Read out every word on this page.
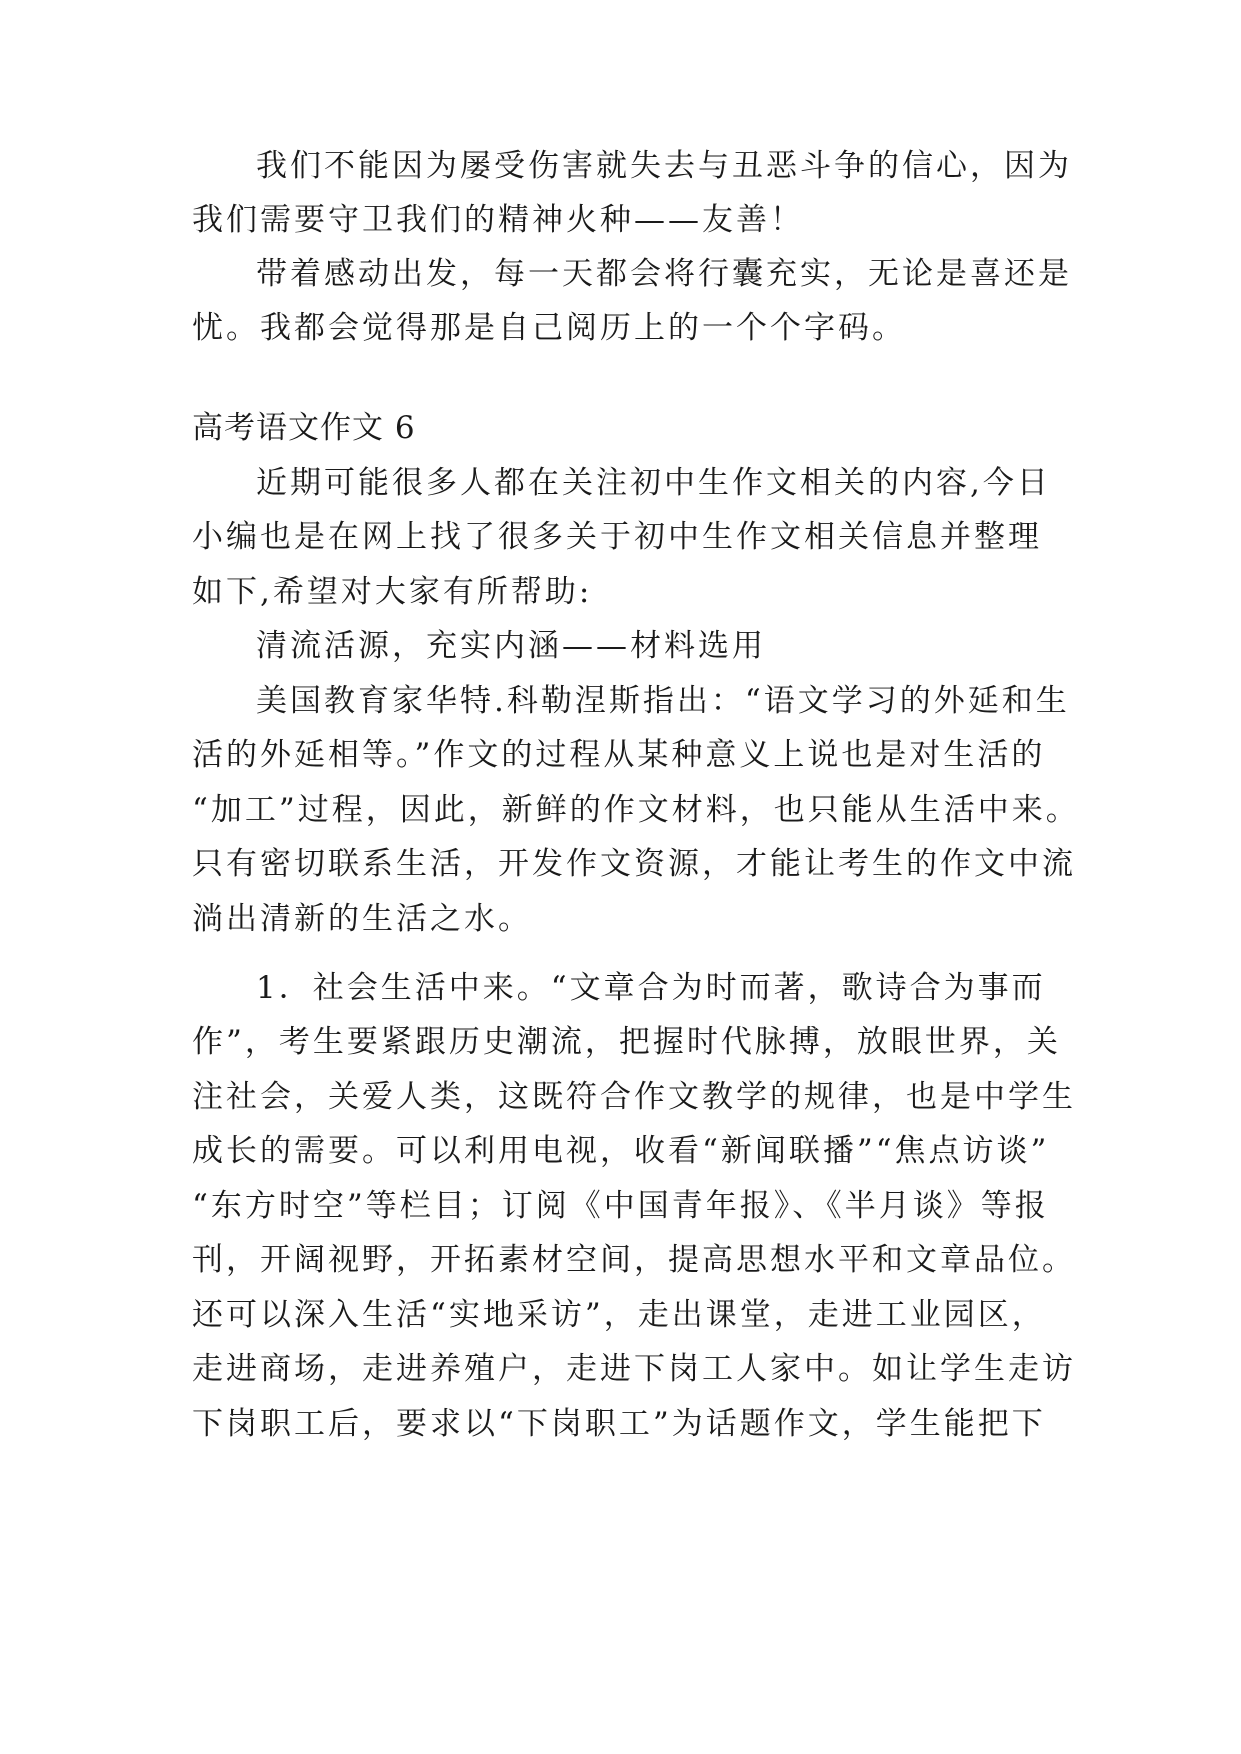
我们不能因为屡受伤害就失去与丑恶斗争的信心，因为
我们需要守卫我们的精神火种——友善！
带着感动出发，每一天都会将行囊充实，无论是喜还是
忧。我都会觉得那是自己阅历上的一个个字码。
高考语文作文 6
近期可能很多人都在关注初中生作文相关的内容,今日
小编也是在网上找了很多关于初中生作文相关信息并整理
如下,希望对大家有所帮助:
清流活源，充实内涵——材料选用
美国教育家华特.科勒涅斯指出：“语文学习的外延和生
活的外延相等。”作文的过程从某种意义上说也是对生活的
“加工”过程，因此，新鲜的作文材料，也只能从生活中来。
只有密切联系生活，开发作文资源，才能让考生的作文中流
淌出清新的生活之水。
1．社会生活中来。“文章合为时而著，歌诗合为事而
作”，考生要紧跟历史潮流，把握时代脉搏，放眼世界，关
注社会，关爱人类，这既符合作文教学的规律，也是中学生
成长的需要。可以利用电视，收看“新闻联播”“焦点访谈”
“东方时空”等栏目；订阅《中国青年报》、《半月谈》等报
刊，开阔视野，开拓素材空间，提高思想水平和文章品位。
还可以深入生活“实地采访”，走出课堂，走进工业园区，
走进商场，走进养殖户，走进下岗工人家中。如让学生走访
下岗职工后，要求以“下岗职工”为话题作文，学生能把下
